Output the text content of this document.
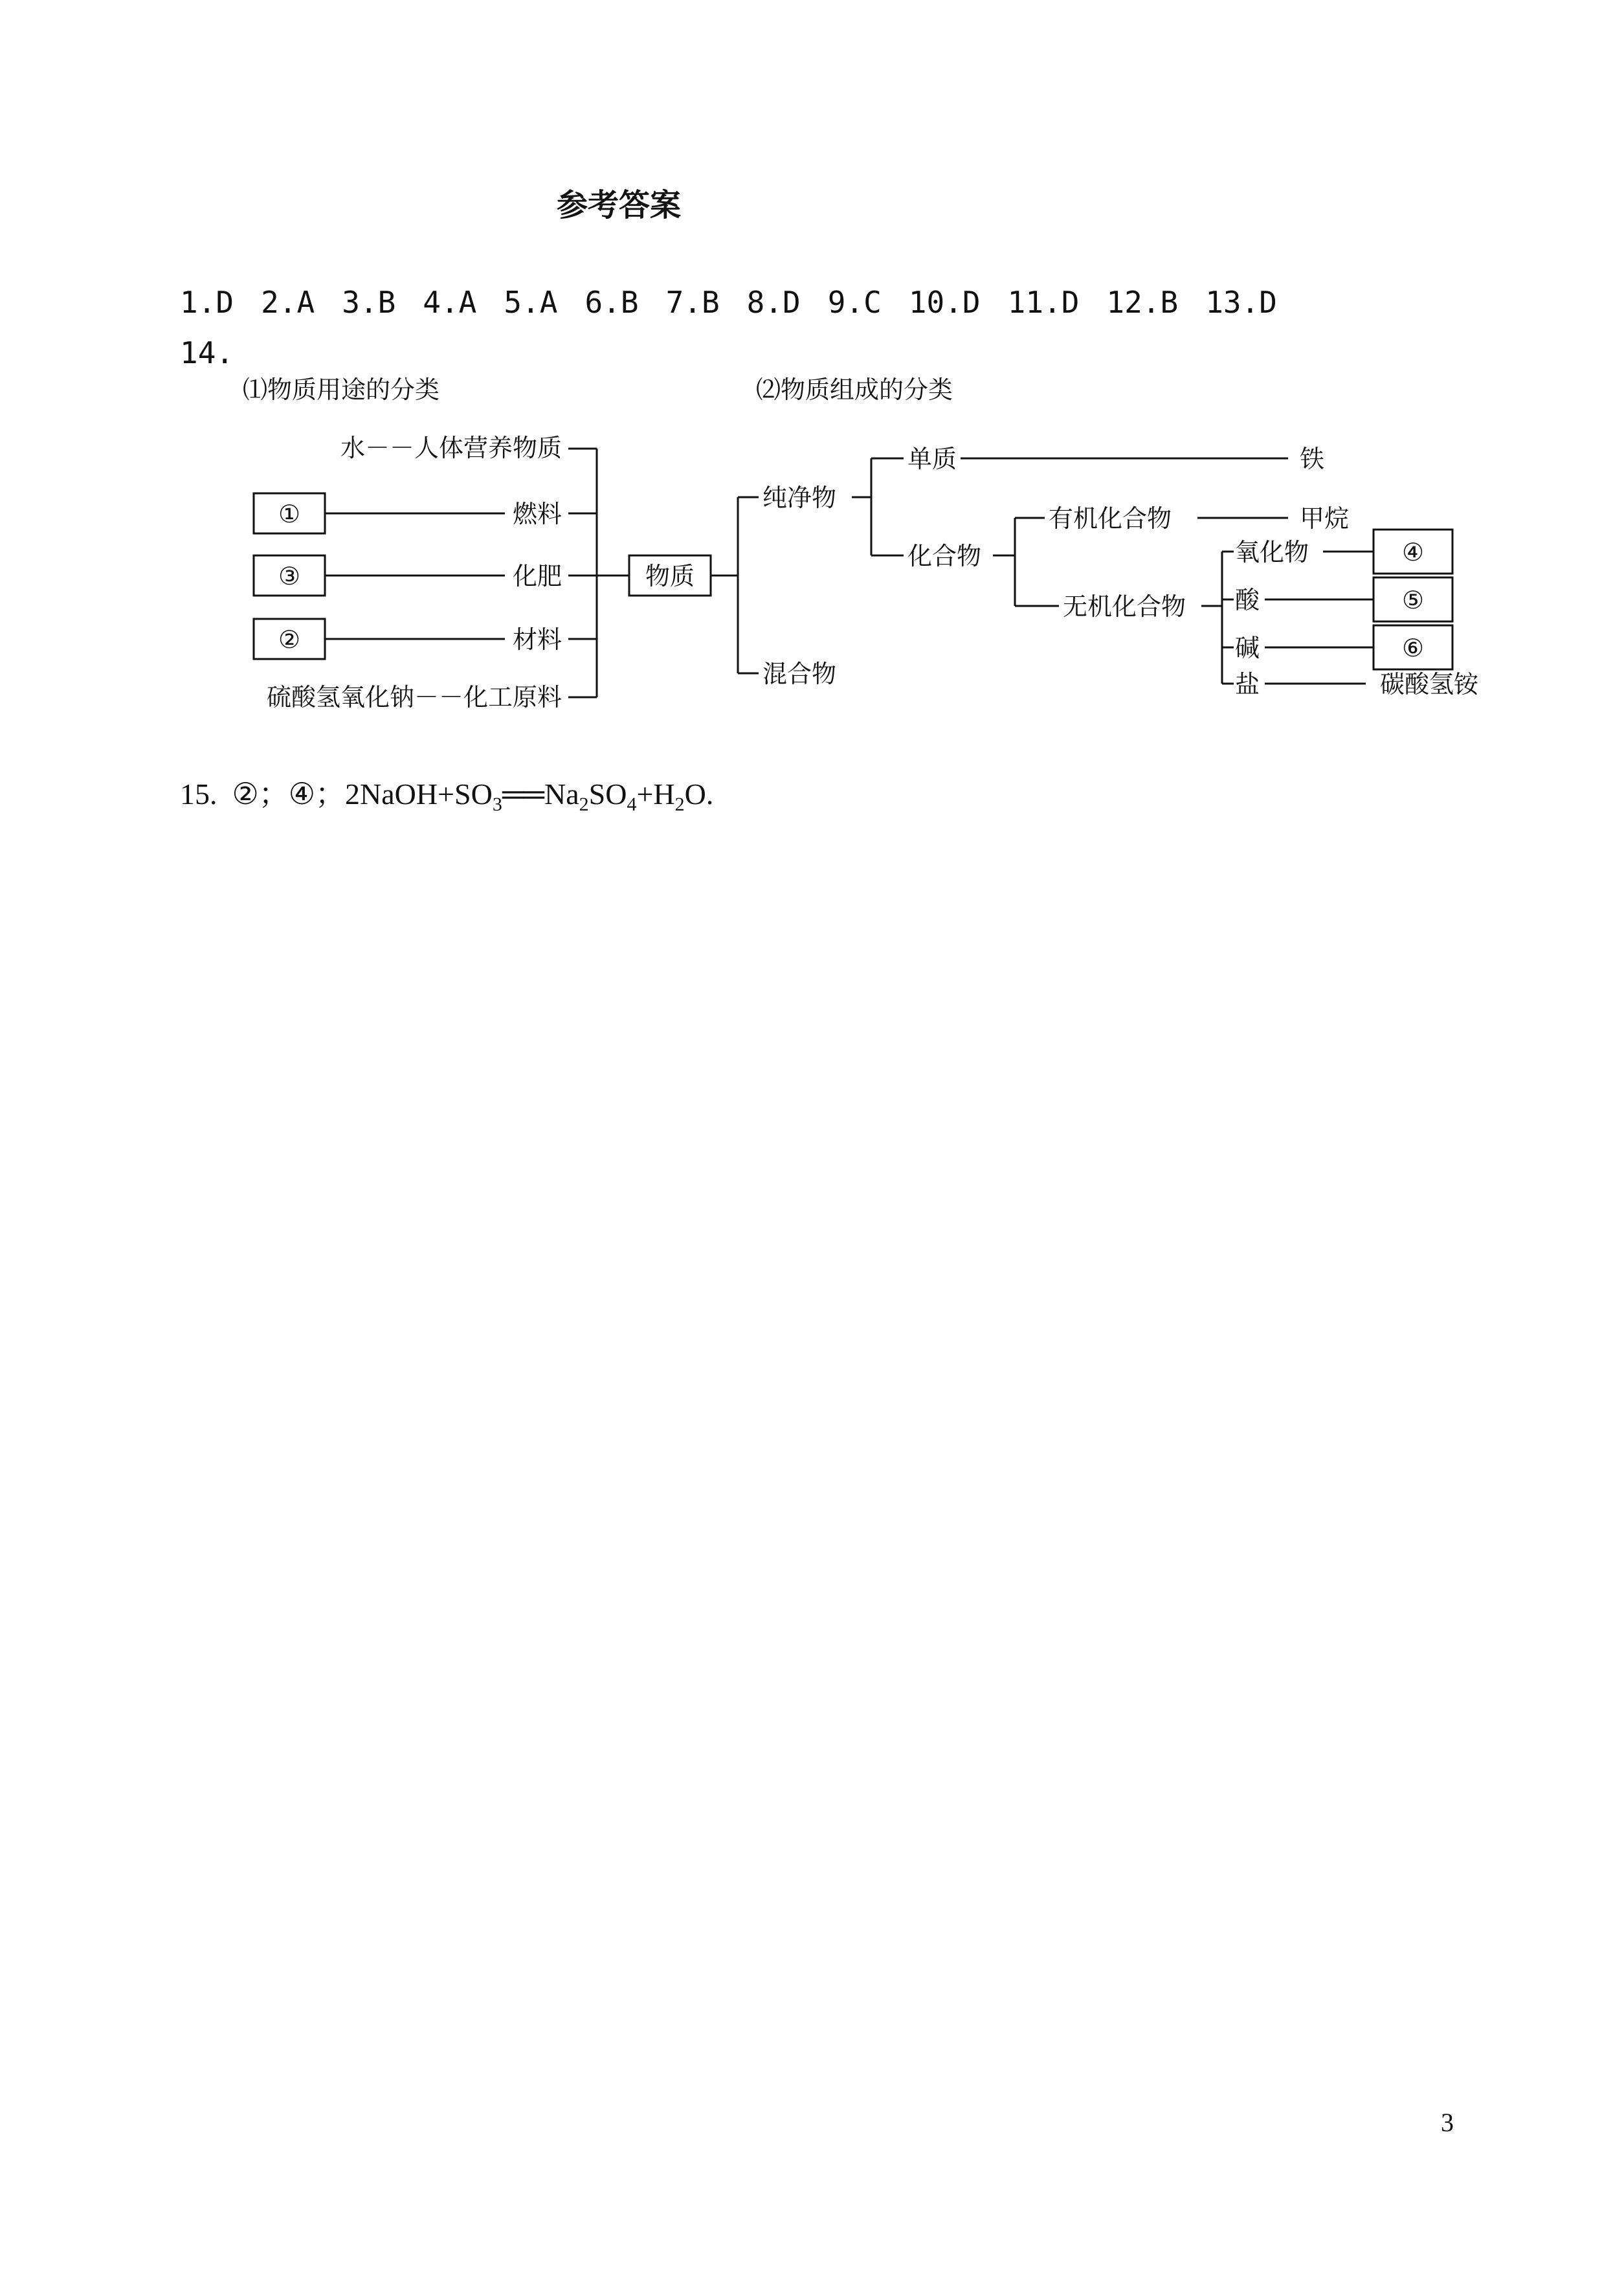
参考答案
1.D 2.A 3.B 4.A 5.A 6.B 7.B 8.D 9.C 10.D 11.D 12.B 13.D
14.
⑴物质用途的分类
水－－人体营养物质
①	燃料
③	化肥
②	材料
硫酸氢氧化钠－－化工原料
物质
⑵物质组成的分类
纯净物
混合物
单质	铁
化合物
有机化合物	甲烷
无机化合物
氧化物	④
酸	⑤
碱	⑥
盐	碳酸氢铵
15. ②；④；$2NaOH+SO_3══Na_2SO_4+H_2O$.
3
